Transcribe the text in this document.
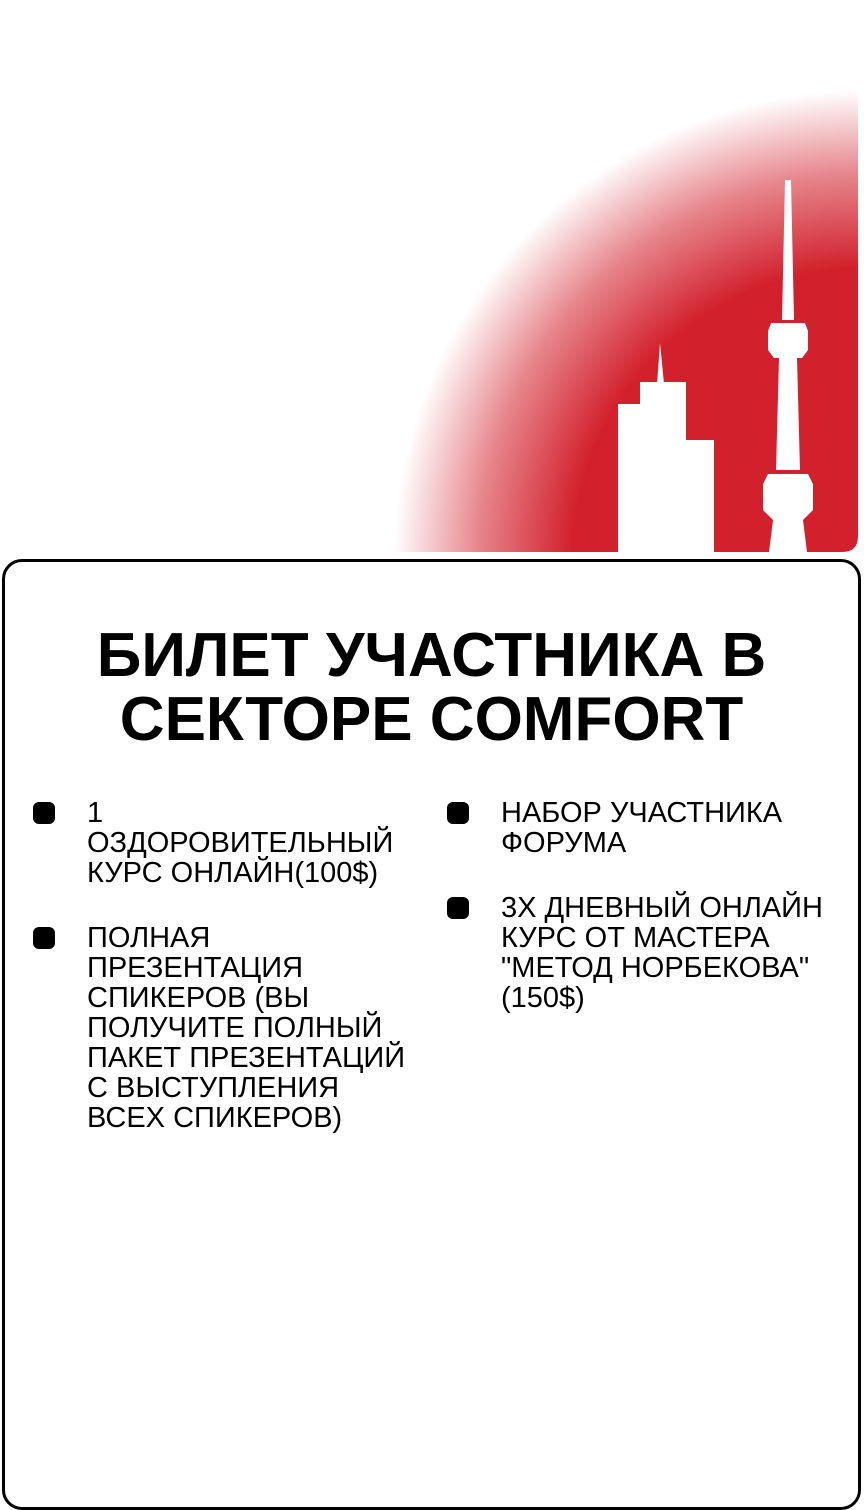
БИЛЕТ УЧАСТНИКА В СЕКТОРЕ COMFORT
1 ОЗДОРОВИТЕЛЬНЫЙ КУРС ОНЛАЙН(100$)
ПОЛНАЯ ПРЕЗЕНТАЦИЯ СПИКЕРОВ (ВЫ ПОЛУЧИТЕ ПОЛНЫЙ ПАКЕТ ПРЕЗЕНТАЦИЙ С ВЫСТУПЛЕНИЯ ВСЕХ СПИКЕРОВ)
НАБОР УЧАСТНИКА ФОРУМА
3Х ДНЕВНЫЙ ОНЛАЙН КУРС ОТ МАСТЕРА "МЕТОД НОРБЕКОВА"(150$)
